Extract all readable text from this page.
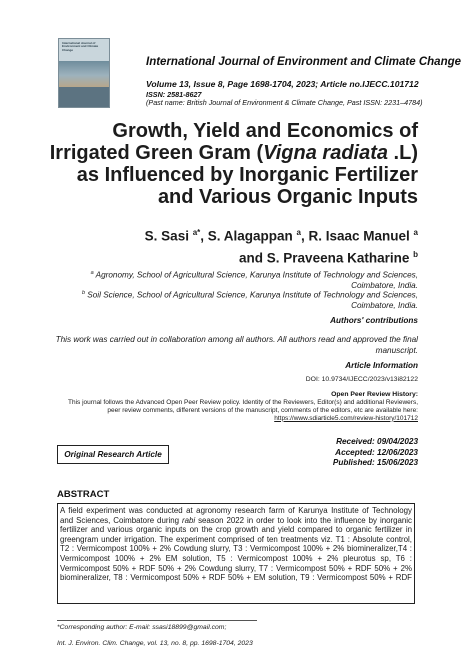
International Journal of Environment and Climate Change
International Journal of Environment and Climate Change
Volume 13, Issue 8, Page 1698-1704, 2023; Article no.IJECC.101712
ISSN: 2581-8627
(Past name: British Journal of Environment & Climate Change, Past ISSN: 2231–4784)
Growth, Yield and Economics of
Irrigated Green Gram (Vigna radiata .L)
as Influenced by Inorganic Fertilizer
and Various Organic Inputs
S. Sasi $^{a*}$, S. Alagappan $^a$, R. Isaac Manuel $^a$
and S. Praveena Katharine $^b$
$^a$ Agronomy, School of Agricultural Science, Karunya Institute of Technology and Sciences,
Coimbatore, India.
$^b$ Soil Science, School of Agricultural Science, Karunya Institute of Technology and Sciences,
Coimbatore, India.
Authors' contributions
This work was carried out in collaboration among all authors. All authors read and approved the final
manuscript.
Article Information
DOI: 10.9734/IJECC/2023/v13i82122
Open Peer Review History:
This journal follows the Advanced Open Peer Review policy. Identity of the Reviewers, Editor(s) and additional Reviewers,
peer review comments, different versions of the manuscript, comments of the editors, etc are available here:
https://www.sdiarticle5.com/review-history/101712
Original Research Article
Received: 09/04/2023
Accepted: 12/06/2023
Published: 15/06/2023
ABSTRACT
A field experiment was conducted at agronomy research farm of Karunya Institute of Technology
and Sciences, Coimbatore during rabi season 2022 in order to look into the influence by inorganic
fertilizer and various organic inputs on the crop growth and yield compared to organic fertilizer in
greengram under irrigation. The experiment comprised of ten treatments viz. T1 : Absolute control,
T2 : Vermicompost 100% + 2% Cowdung slurry, T3 : Vermicompost 100% + 2% biomineralizer,T4 :
Vermicompost 100% + 2% EM solution, T5 : Vermicompost 100% + 2% pleurotus sp, T6 :
Vermicompost 50% + RDF 50% + 2% Cowdung slurry, T7 : Vermicompost 50% + RDF 50% + 2%
biomineralizer, T8 : Vermicompost 50% + RDF 50% + EM solution, T9 : Vermicompost 50% + RDF
*Corresponding author: E-mail: ssasi18899@gmail.com;
Int. J. Environ. Clim. Change, vol. 13, no. 8, pp. 1698-1704, 2023
